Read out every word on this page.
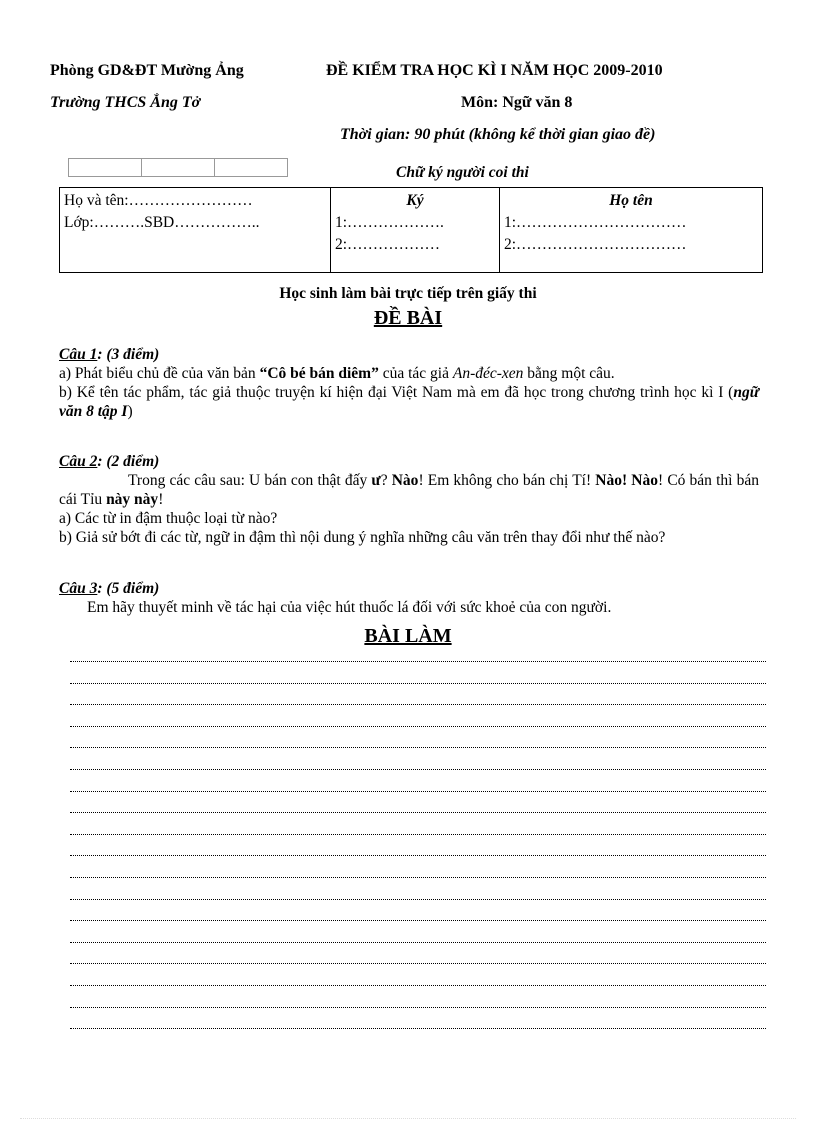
Phòng GD&ĐT Mường Ảng	ĐỀ KIỂM TRA HỌC KÌ I NĂM HỌC 2009-2010
Trường THCS Ẳng Tở	Môn: Ngữ văn 8
Thời gian: 90 phút (không kể thời gian giao đề)
Chữ ký người coi thi
Họ và tên:……………………
Lớp:……….SBD……………..

Ký
1:……………….
2:………………

Họ tên
1:……………………………
2:……………………………
Học sinh làm bài trực tiếp trên giấy thi
ĐỀ BÀI
Câu 1: (3 điểm)
a) Phát biểu chủ đề của văn bản “Cô bé bán diêm” của tác giả An-đéc-xen bằng một câu.
b) Kể tên tác phẩm, tác giả thuộc truyện kí hiện đại Việt Nam mà em đã học trong chương trình học kì I (ngữ văn 8 tập I)
Câu 2: (2 điểm)
Trong các câu sau: U bán con thật đấy ư? Nào! Em không cho bán chị Tí! Nào! Nào! Có bán thì bán cái Tỉu này này!
a) Các từ in đậm thuộc loại từ nào?
b) Giả sử bớt đi các từ, ngữ in đậm thì nội dung ý nghĩa những câu văn trên thay đổi như thế nào?
Câu 3: (5 điểm)
Em hãy thuyết minh về tác hại của việc hút thuốc lá đối với sức khoẻ của con người.
BÀI LÀM
